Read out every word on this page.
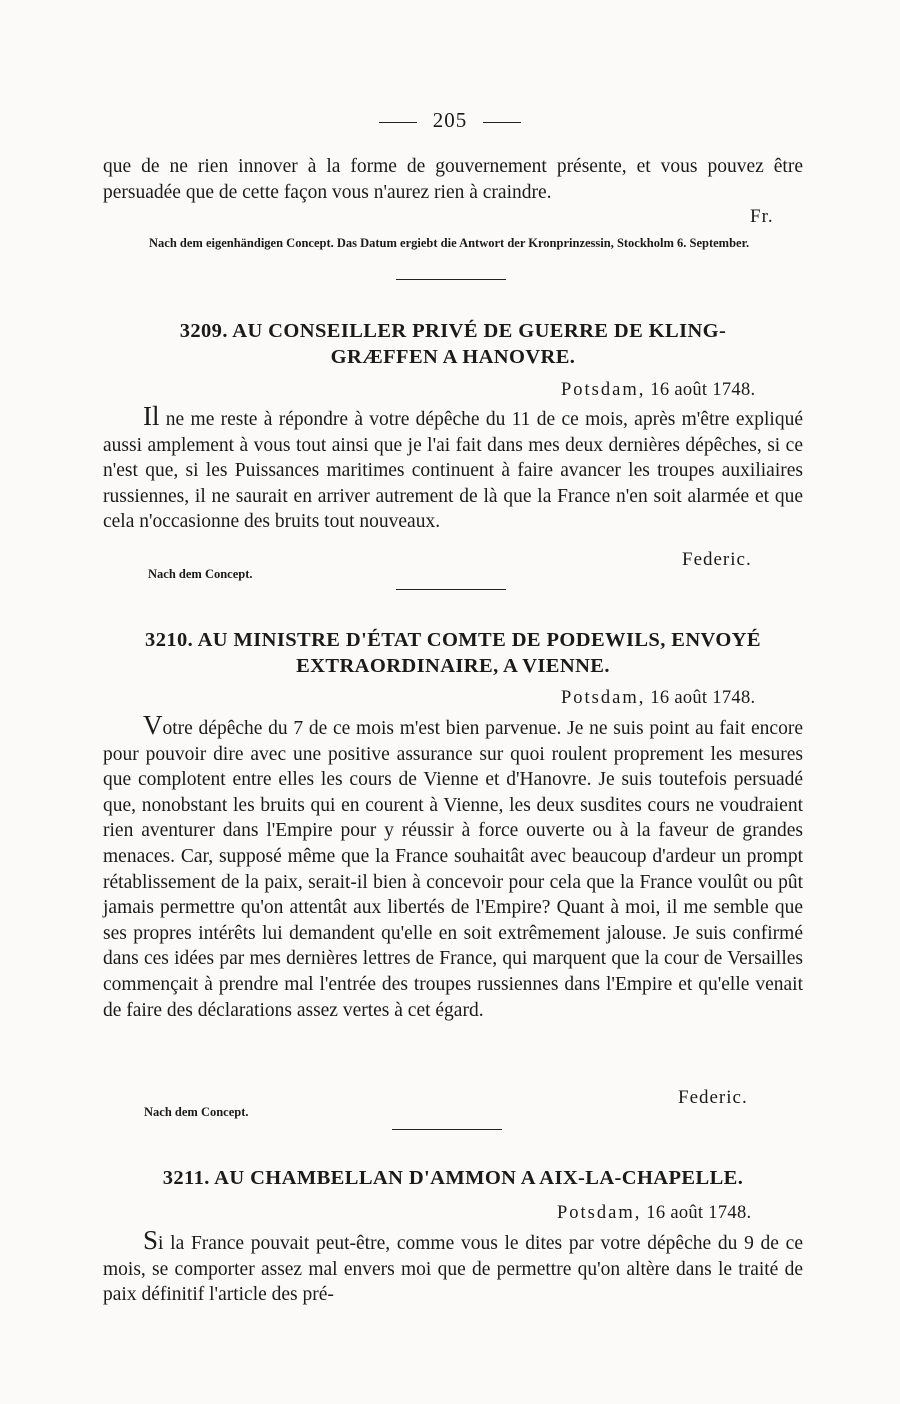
205

que de ne rien innover à la forme de gouvernement présente, et vous pouvez être persuadée que de cette façon vous n'aurez rien à craindre.

Fr.

Nach dem eigenhändigen Concept. Das Datum ergiebt die Antwort der Kronprinzessin, Stockholm 6. September.

3209. AU CONSEILLER PRIVÉ DE GUERRE DE KLING-
GRÆFFEN A HANOVRE.
Potsdam, 16 août 1748.

Il ne me reste à répondre à votre dépêche du 11 de ce mois, après m'être expliqué aussi amplement à vous tout ainsi que je l'ai fait dans mes deux dernières dépêches, si ce n'est que, si les Puissances maritimes continuent à faire avancer les troupes auxiliaires russiennes, il ne saurait en arriver autrement de là que la France n'en soit alarmée et que cela n'occasionne des bruits tout nouveaux.

Federic.
Nach dem Concept.
3210. AU MINISTRE D'ÉTAT COMTE DE PODEWILS, ENVOYÉ
EXTRAORDINAIRE, A VIENNE.
Potsdam, 16 août 1748.

Votre dépêche du 7 de ce mois m'est bien parvenue. Je ne suis point au fait encore pour pouvoir dire avec une positive assurance sur quoi roulent proprement les mesures que complotent entre elles les cours de Vienne et d'Hanovre. Je suis toutefois persuadé que, nonobstant les bruits qui en courent à Vienne, les deux susdites cours ne voudraient rien aventurer dans l'Empire pour y réussir à force ouverte ou à la faveur de grandes menaces. Car, supposé même que la France souhaitât avec beaucoup d'ardeur un prompt rétablissement de la paix, serait-il bien à concevoir pour cela que la France voulût ou pût jamais permettre qu'on attentât aux libertés de l'Empire? Quant à moi, il me semble que ses propres intérêts lui demandent qu'elle en soit extrêmement jalouse. Je suis confirmé dans ces idées par mes dernières lettres de France, qui marquent que la cour de Versailles commençait à prendre mal l'entrée des troupes russiennes dans l'Empire et qu'elle venait de faire des déclarations assez vertes à cet égard.

Federic.
Nach dem Concept.
3211. AU CHAMBELLAN D'AMMON A AIX-LA-CHAPELLE.
Potsdam, 16 août 1748.

Si la France pouvait peut-être, comme vous le dites par votre dépêche du 9 de ce mois, se comporter assez mal envers moi que de permettre qu'on altère dans le traité de paix définitif l'article des pré-
